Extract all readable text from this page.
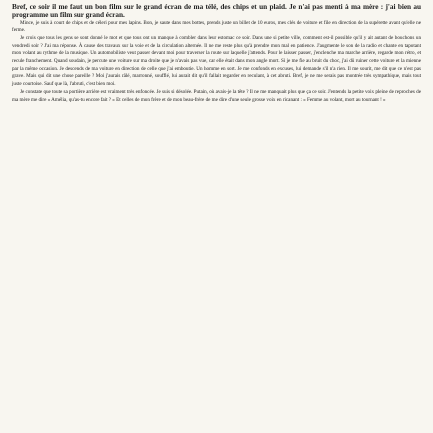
Bref, ce soir il me faut un bon film sur le grand écran de ma télé, des chips et un plaid. Je n'ai pas menti à ma mère : j'ai bien au programme un film sur grand écran.

Mince, je suis à court de chips et de céleri pour mes lapins. Bon, je saute dans mes bottes, prends juste un billet de 10 euros, mes clés de voiture et file en direction de la supérette avant qu'elle ne ferme.

Je crois que tous les gens se sont donné le mot et que tous ont un manque à combler dans leur estomac ce soir. Dans une si petite ville, comment est-il possible qu'il y ait autant de bouchons un vendredi soir ? J'ai ma réponse. À cause des travaux sur la voie et de la circulation alternée. Il ne me reste plus qu'à prendre mon mal en patience. J'augmente le son de la radio et chante en tapotant mon volant au rythme de la musique. Un automobiliste veut passer devant moi pour traverser la route sur laquelle j'attends. Pour le laisser passer, j'enclenche ma marche arrière, regarde mon rétro, et recule franchement. Quand soudain, je percute une voiture sur ma droite que je n'avais pas vue, car elle était dans mon angle mort. Si je me fie au bruit du choc, j'ai dû ruiner cette voiture et la mienne par la même occasion. Je descends de ma voiture en direction de celle que j'ai emboutie. Un homme en sort. Je me confonds en excuses, lui demande s'il n'a rien. Il me sourit, me dit que ce n'est pas grave. Mais qui dit une chose pareille ? Moi j'aurais râlé, marronné, soufflé, lui aurait dit qu'il fallait regarder en reculant, à cet abruti. Bref, je ne me serais pas montrée très sympathique, mais tout juste courtoise. Sauf que là, l'abruti, c'est bien moi.

Je constate que toute sa portière arrière est vraiment très enfoncée. Je suis si désolée. Putain, où avais-je la tête ? Il ne me manquait plus que ça ce soir. J'entends la petite voix pleine de reproches de ma mère me dire « Amélia, qu'as-tu encore fait ? » Et celles de mon frère et de mon beau-frère de me dire d'une seule grosse voix en ricanant : « Femme au volant, mort au tournant ! »
